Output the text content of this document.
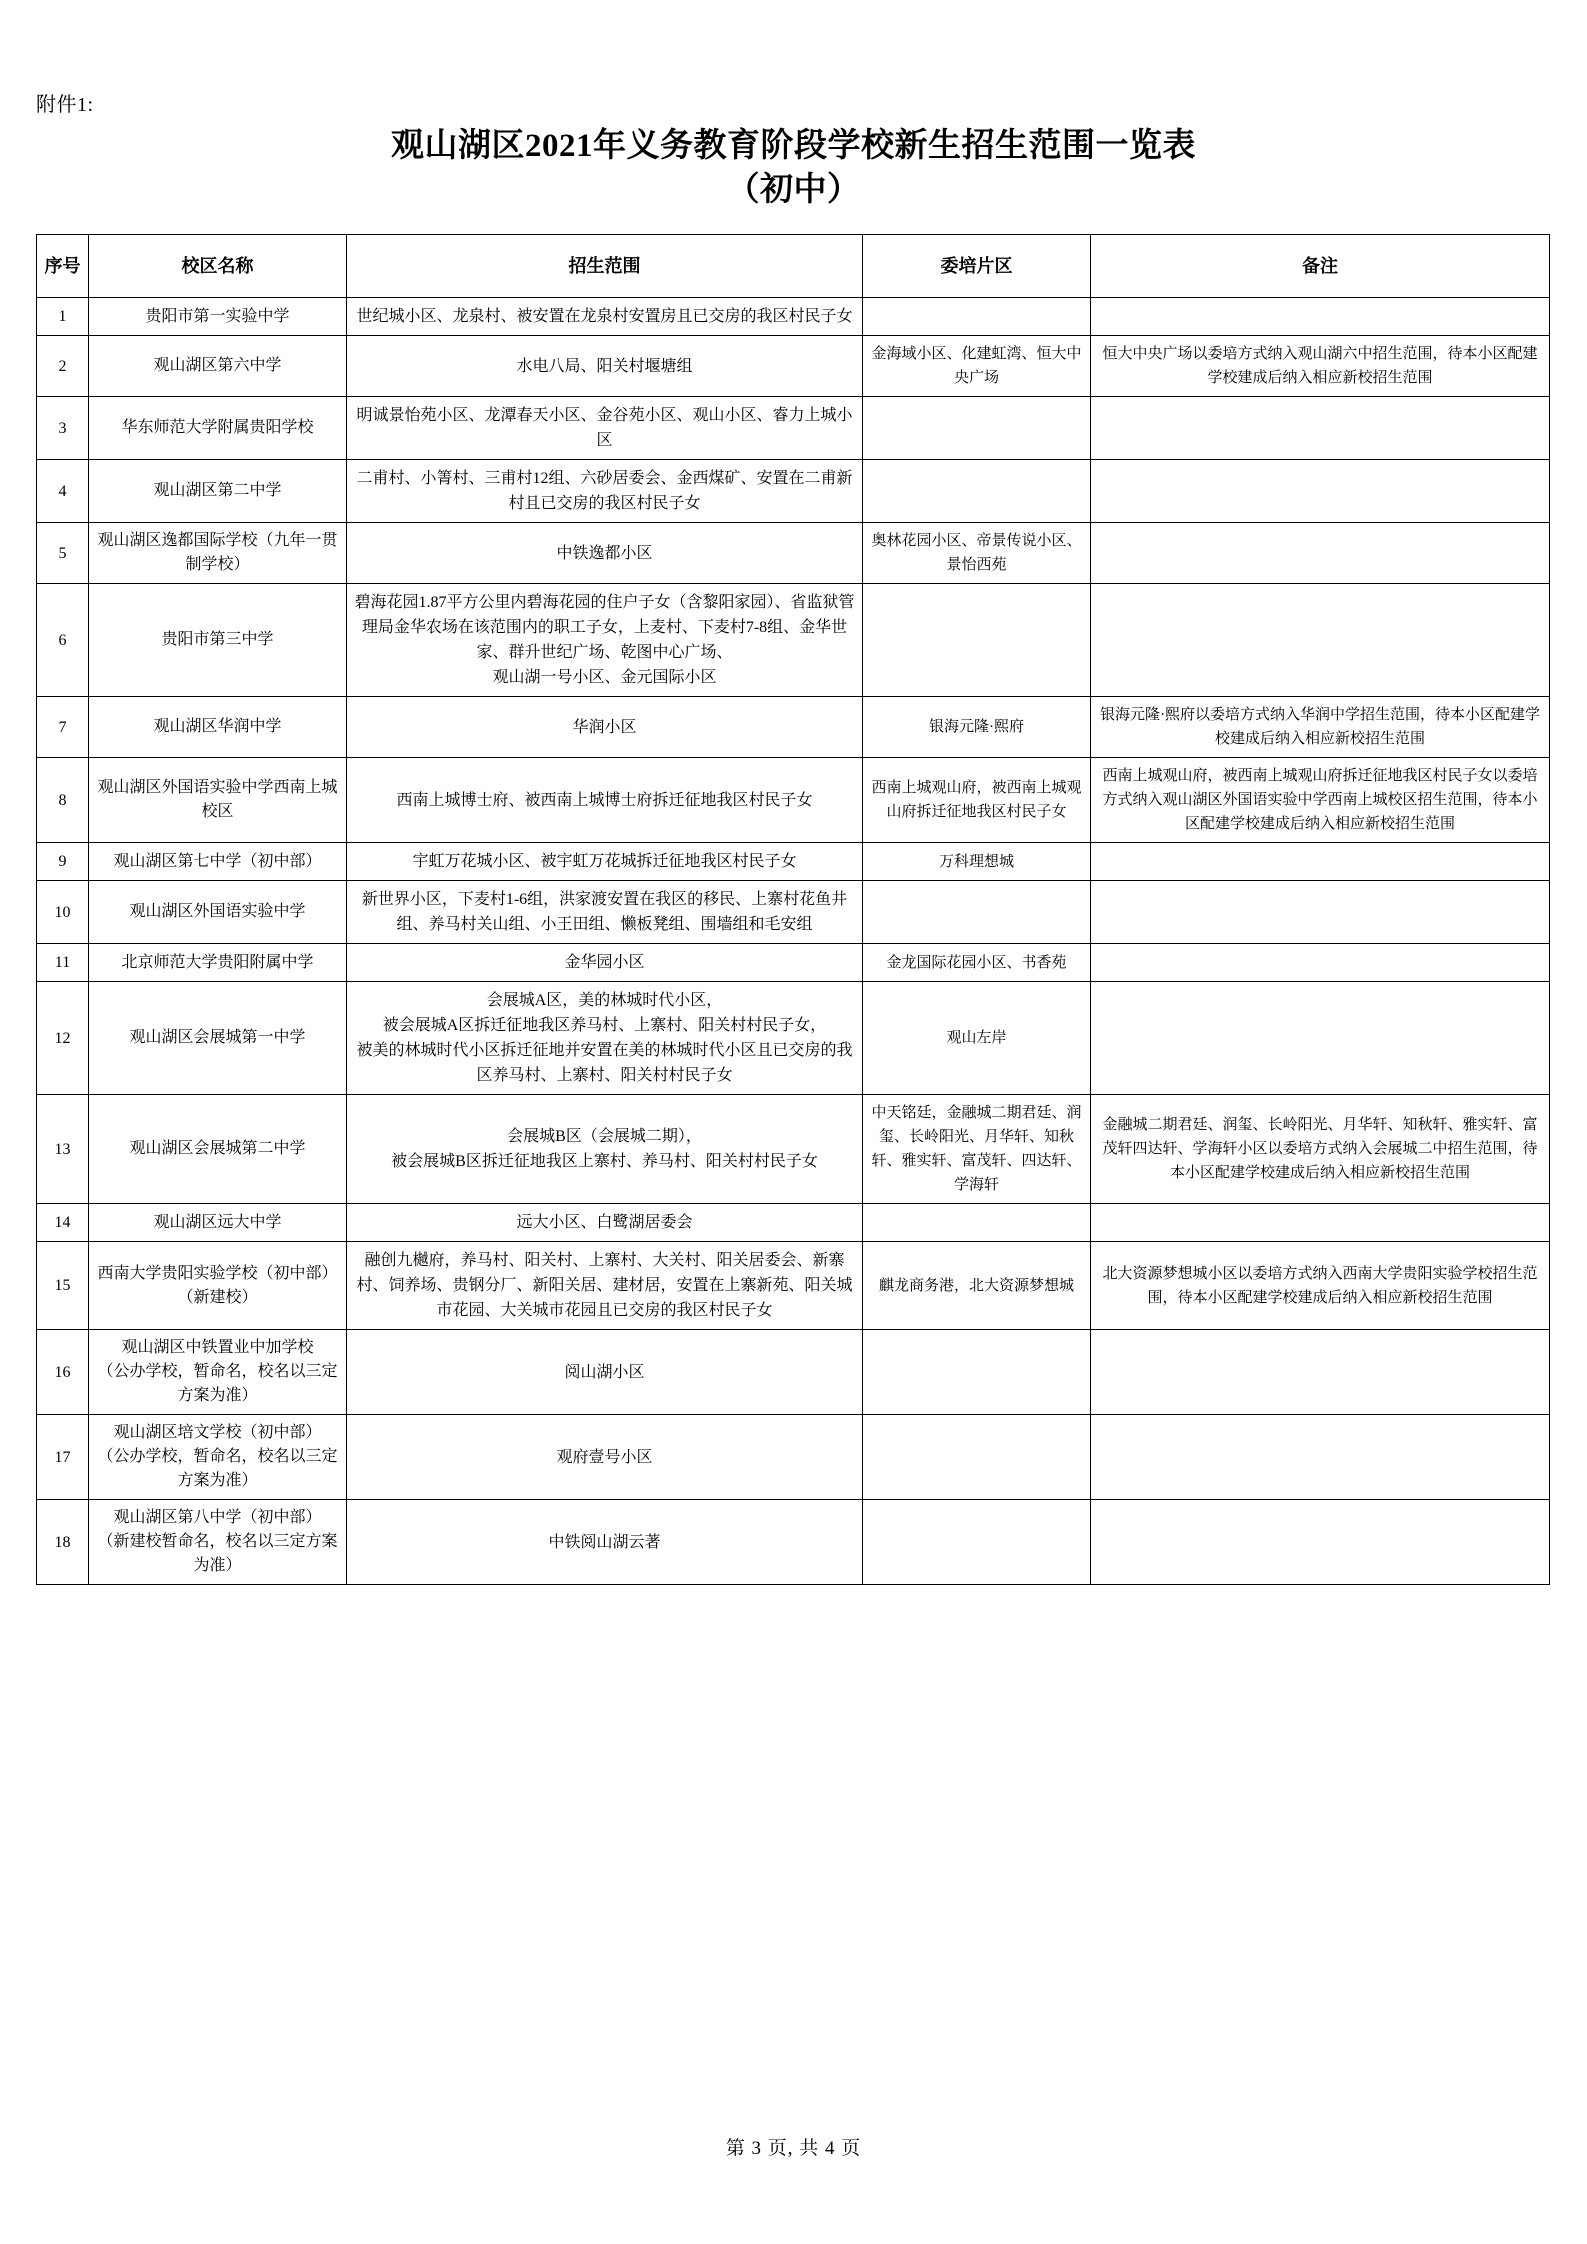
附件1:
观山湖区2021年义务教育阶段学校新生招生范围一览表
（初中）
序号	校区名称	招生范围	委培片区	备注
1	贵阳市第一实验中学	世纪城小区、龙泉村、被安置在龙泉村安置房且已交房的我区村民子女		
2	观山湖区第六中学	水电八局、阳关村堰塘组	金海域小区、化建虹湾、恒大中央广场	恒大中央广场以委培方式纳入观山湖六中招生范围，待本小区配建学校建成后纳入相应新校招生范围
3	华东师范大学附属贵阳学校	明诚景怡苑小区、龙潭春天小区、金谷苑小区、观山小区、睿力上城小区		
4	观山湖区第二中学	二甫村、小箐村、三甫村12组、六砂居委会、金西煤矿、安置在二甫新村且已交房的我区村民子女		
5	观山湖区逸都国际学校（九年一贯制学校）	中铁逸都小区	奥林花园小区、帝景传说小区、景怡西苑	
6	贵阳市第三中学	碧海花园1.87平方公里内碧海花园的住户子女（含黎阳家园）、省监狱管理局金华农场在该范围内的职工子女，上麦村、下麦村7-8组、金华世家、群升世纪广场、乾图中心广场、
观山湖一号小区、金元国际小区		
7	观山湖区华润中学	华润小区	银海元隆·熙府	银海元隆·熙府以委培方式纳入华润中学招生范围，待本小区配建学校建成后纳入相应新校招生范围
8	观山湖区外国语实验中学西南上城校区	西南上城博士府、被西南上城博士府拆迁征地我区村民子女	西南上城观山府，被西南上城观山府拆迁征地我区村民子女	西南上城观山府，被西南上城观山府拆迁征地我区村民子女以委培方式纳入观山湖区外国语实验中学西南上城校区招生范围，待本小区配建学校建成后纳入相应新校招生范围
9	观山湖区第七中学（初中部）	宇虹万花城小区、被宇虹万花城拆迁征地我区村民子女	万科理想城	
10	观山湖区外国语实验中学	新世界小区，下麦村1-6组，洪家渡安置在我区的移民、上寨村花鱼井组、养马村关山组、小王田组、懒板凳组、围墙组和毛安组		
11	北京师范大学贵阳附属中学	金华园小区	金龙国际花园小区、书香苑	
12	观山湖区会展城第一中学	会展城A区，美的林城时代小区，
被会展城A区拆迁征地我区养马村、上寨村、阳关村村民子女，
被美的林城时代小区拆迁征地并安置在美的林城时代小区且已交房的我区养马村、上寨村、阳关村村民子女	观山左岸	
13	观山湖区会展城第二中学	会展城B区（会展城二期），
被会展城B区拆迁征地我区上寨村、养马村、阳关村村民子女	中天铭廷，金融城二期君廷、润玺、长岭阳光、月华轩、知秋轩、雅实轩、富茂轩、四达轩、学海轩	金融城二期君廷、润玺、长岭阳光、月华轩、知秋轩、雅实轩、富茂轩四达轩、学海轩小区以委培方式纳入会展城二中招生范围，待本小区配建学校建成后纳入相应新校招生范围
14	观山湖区远大中学	远大小区、白鹭湖居委会		
15	西南大学贵阳实验学校（初中部）（新建校）	融创九樾府，养马村、阳关村、上寨村、大关村、阳关居委会、新寨村、饲养场、贵钢分厂、新阳关居、建材居，安置在上寨新苑、阳关城市花园、大关城市花园且已交房的我区村民子女	麒龙商务港，北大资源梦想城	北大资源梦想城小区以委培方式纳入西南大学贵阳实验学校招生范围，待本小区配建学校建成后纳入相应新校招生范围
16	观山湖区中铁置业中加学校
（公办学校，暂命名，校名以三定方案为准）	阅山湖小区		
17	观山湖区培文学校（初中部）
（公办学校，暂命名，校名以三定方案为准）	观府壹号小区		
18	观山湖区第八中学（初中部）
（新建校暂命名，校名以三定方案为准）	中铁阅山湖云著		
第 3 页, 共 4 页
